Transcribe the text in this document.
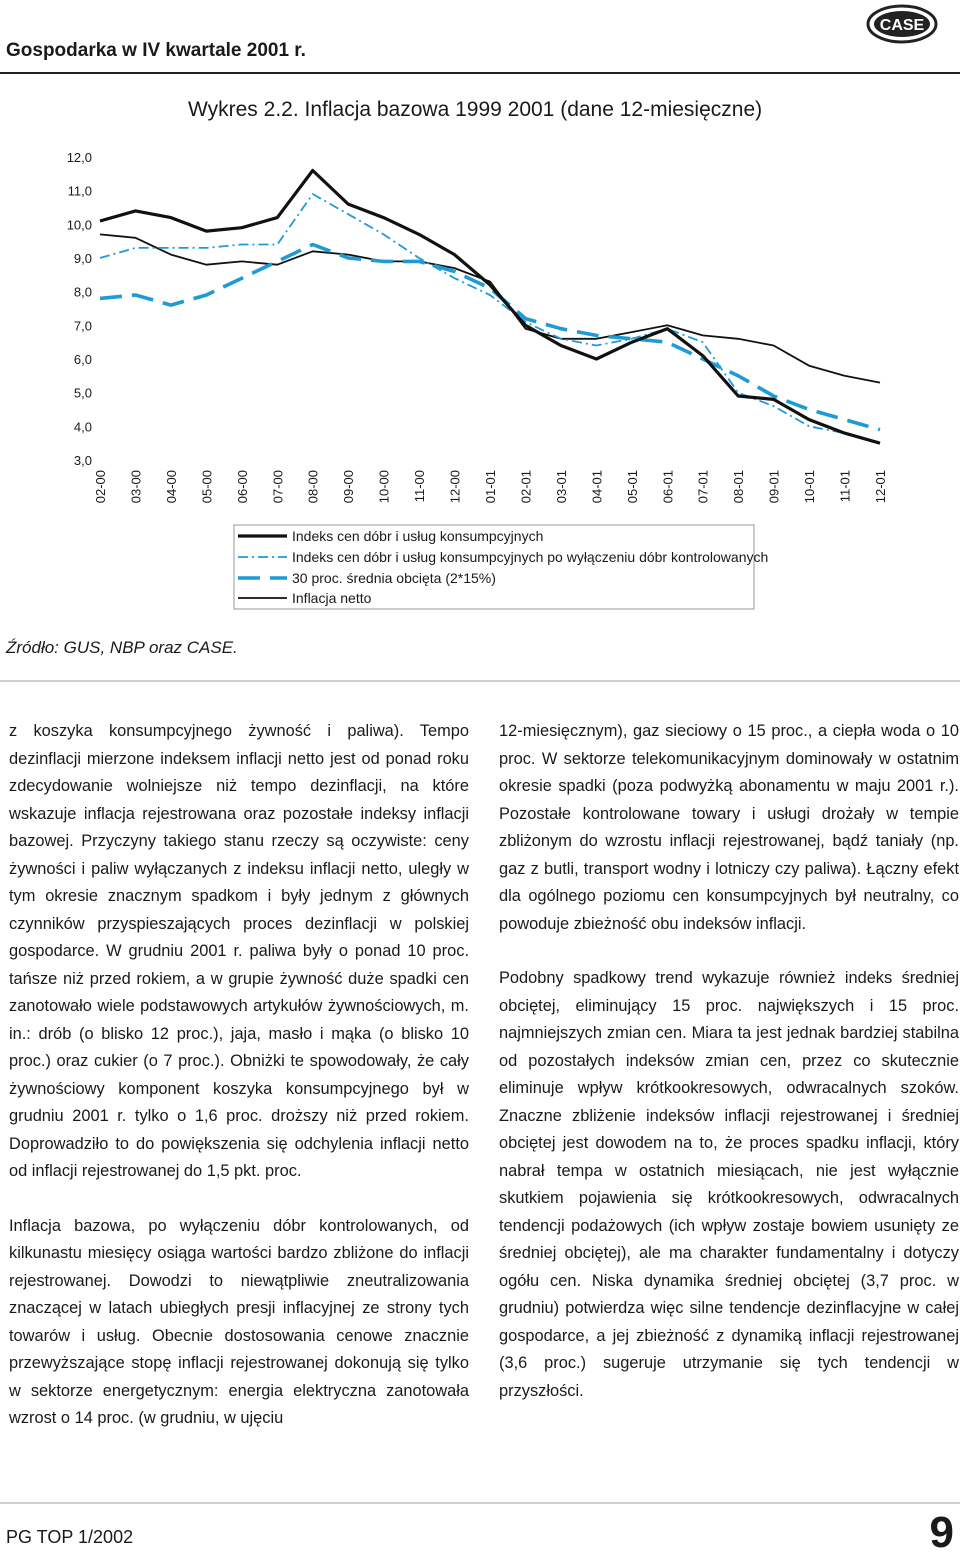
Gospodarka w IV kwartale 2001 r.
CASE
Wykres 2.2. Inflacja bazowa 1999 2001 (dane 12-miesięczne)
12,0
11,0
10,0
9,0
8,0
7,0
6,0
5,0
4,0
3,0
02-00 03-00 04-00 05-00 06-00 07-00 08-00 09-00 10-00 11-00 12-00 01-01 02-01 03-01 04-01 05-01 06-01 07-01 08-01 09-01 10-01 11-01 12-01
Indeks cen dóbr i usług konsumpcyjnych
Indeks cen dóbr i usług konsumpcyjnych po wyłączeniu dóbr kontrolowanych
30 proc. średnia obcięta (2*15%)
Inflacja netto
Źródło: GUS, NBP oraz CASE.

z koszyka konsumpcyjnego żywność i paliwa). Tempo dezinflacji mierzone indeksem inflacji netto jest od ponad roku zdecydowanie wolniejsze niż tempo dezinflacji, na które wskazuje inflacja rejestrowana oraz pozostałe indeksy inflacji bazowej. Przyczyny takiego stanu rzeczy są oczywiste: ceny żywności i paliw wyłączanych z indeksu inflacji netto, uległy w tym okresie znacznym spadkom i były jednym z głównych czynników przyspieszających proces dezinflacji w polskiej gospodarce. W grudniu 2001 r. paliwa były o ponad 10 proc. tańsze niż przed rokiem, a w grupie żywność duże spadki cen zanotowało wiele podstawowych artykułów żywnościowych, m. in.: drób (o blisko 12 proc.), jaja, masło i mąka (o blisko 10 proc.) oraz cukier (o 7 proc.). Obniżki te spowodowały, że cały żywnościowy komponent koszyka konsumpcyjnego był w grudniu 2001 r. tylko o 1,6 proc. droższy niż przed rokiem. Doprowadziło to do powiększenia się odchylenia inflacji netto od inflacji rejestrowanej do 1,5 pkt. proc.

Inflacja bazowa, po wyłączeniu dóbr kontrolowanych, od kilkunastu miesięcy osiąga wartości bardzo zbliżone do inflacji rejestrowanej. Dowodzi to niewątpliwie zneutralizowania znaczącej w latach ubiegłych presji inflacyjnej ze strony tych towarów i usług. Obecnie dostosowania cenowe znacznie przewyższające stopę inflacji rejestrowanej dokonują się tylko w sektorze energetycznym: energia elektryczna zanotowała wzrost o 14 proc. (w grudniu, w ujęciu

12-miesięcznym), gaz sieciowy o 15 proc., a ciepła woda o 10 proc. W sektorze telekomunikacyjnym dominowały w ostatnim okresie spadki (poza podwyżką abonamentu w maju 2001 r.). Pozostałe kontrolowane towary i usługi drożały w tempie zbliżonym do wzrostu inflacji rejestrowanej, bądź taniały (np. gaz z butli, transport wodny i lotniczy czy paliwa). Łączny efekt dla ogólnego poziomu cen konsumpcyjnych był neutralny, co powoduje zbieżność obu indeksów inflacji.

Podobny spadkowy trend wykazuje również indeks średniej obciętej, eliminujący 15 proc. największych i 15 proc. najmniejszych zmian cen. Miara ta jest jednak bardziej stabilna od pozostałych indeksów zmian cen, przez co skutecznie eliminuje wpływ krótkookresowych, odwracalnych szoków. Znaczne zbliżenie indeksów inflacji rejestrowanej i średniej obciętej jest dowodem na to, że proces spadku inflacji, który nabrał tempa w ostatnich miesiącach, nie jest wyłącznie skutkiem pojawienia się krótkookresowych, odwracalnych tendencji podażowych (ich wpływ zostaje bowiem usunięty ze średniej obciętej), ale ma charakter fundamentalny i dotyczy ogółu cen. Niska dynamika średniej obciętej (3,7 proc. w grudniu) potwierdza więc silne tendencje dezinflacyjne w całej gospodarce, a jej zbieżność z dynamiką inflacji rejestrowanej (3,6 proc.) sugeruje utrzymanie się tych tendencji w przyszłości.

PG TOP 1/2002	9
